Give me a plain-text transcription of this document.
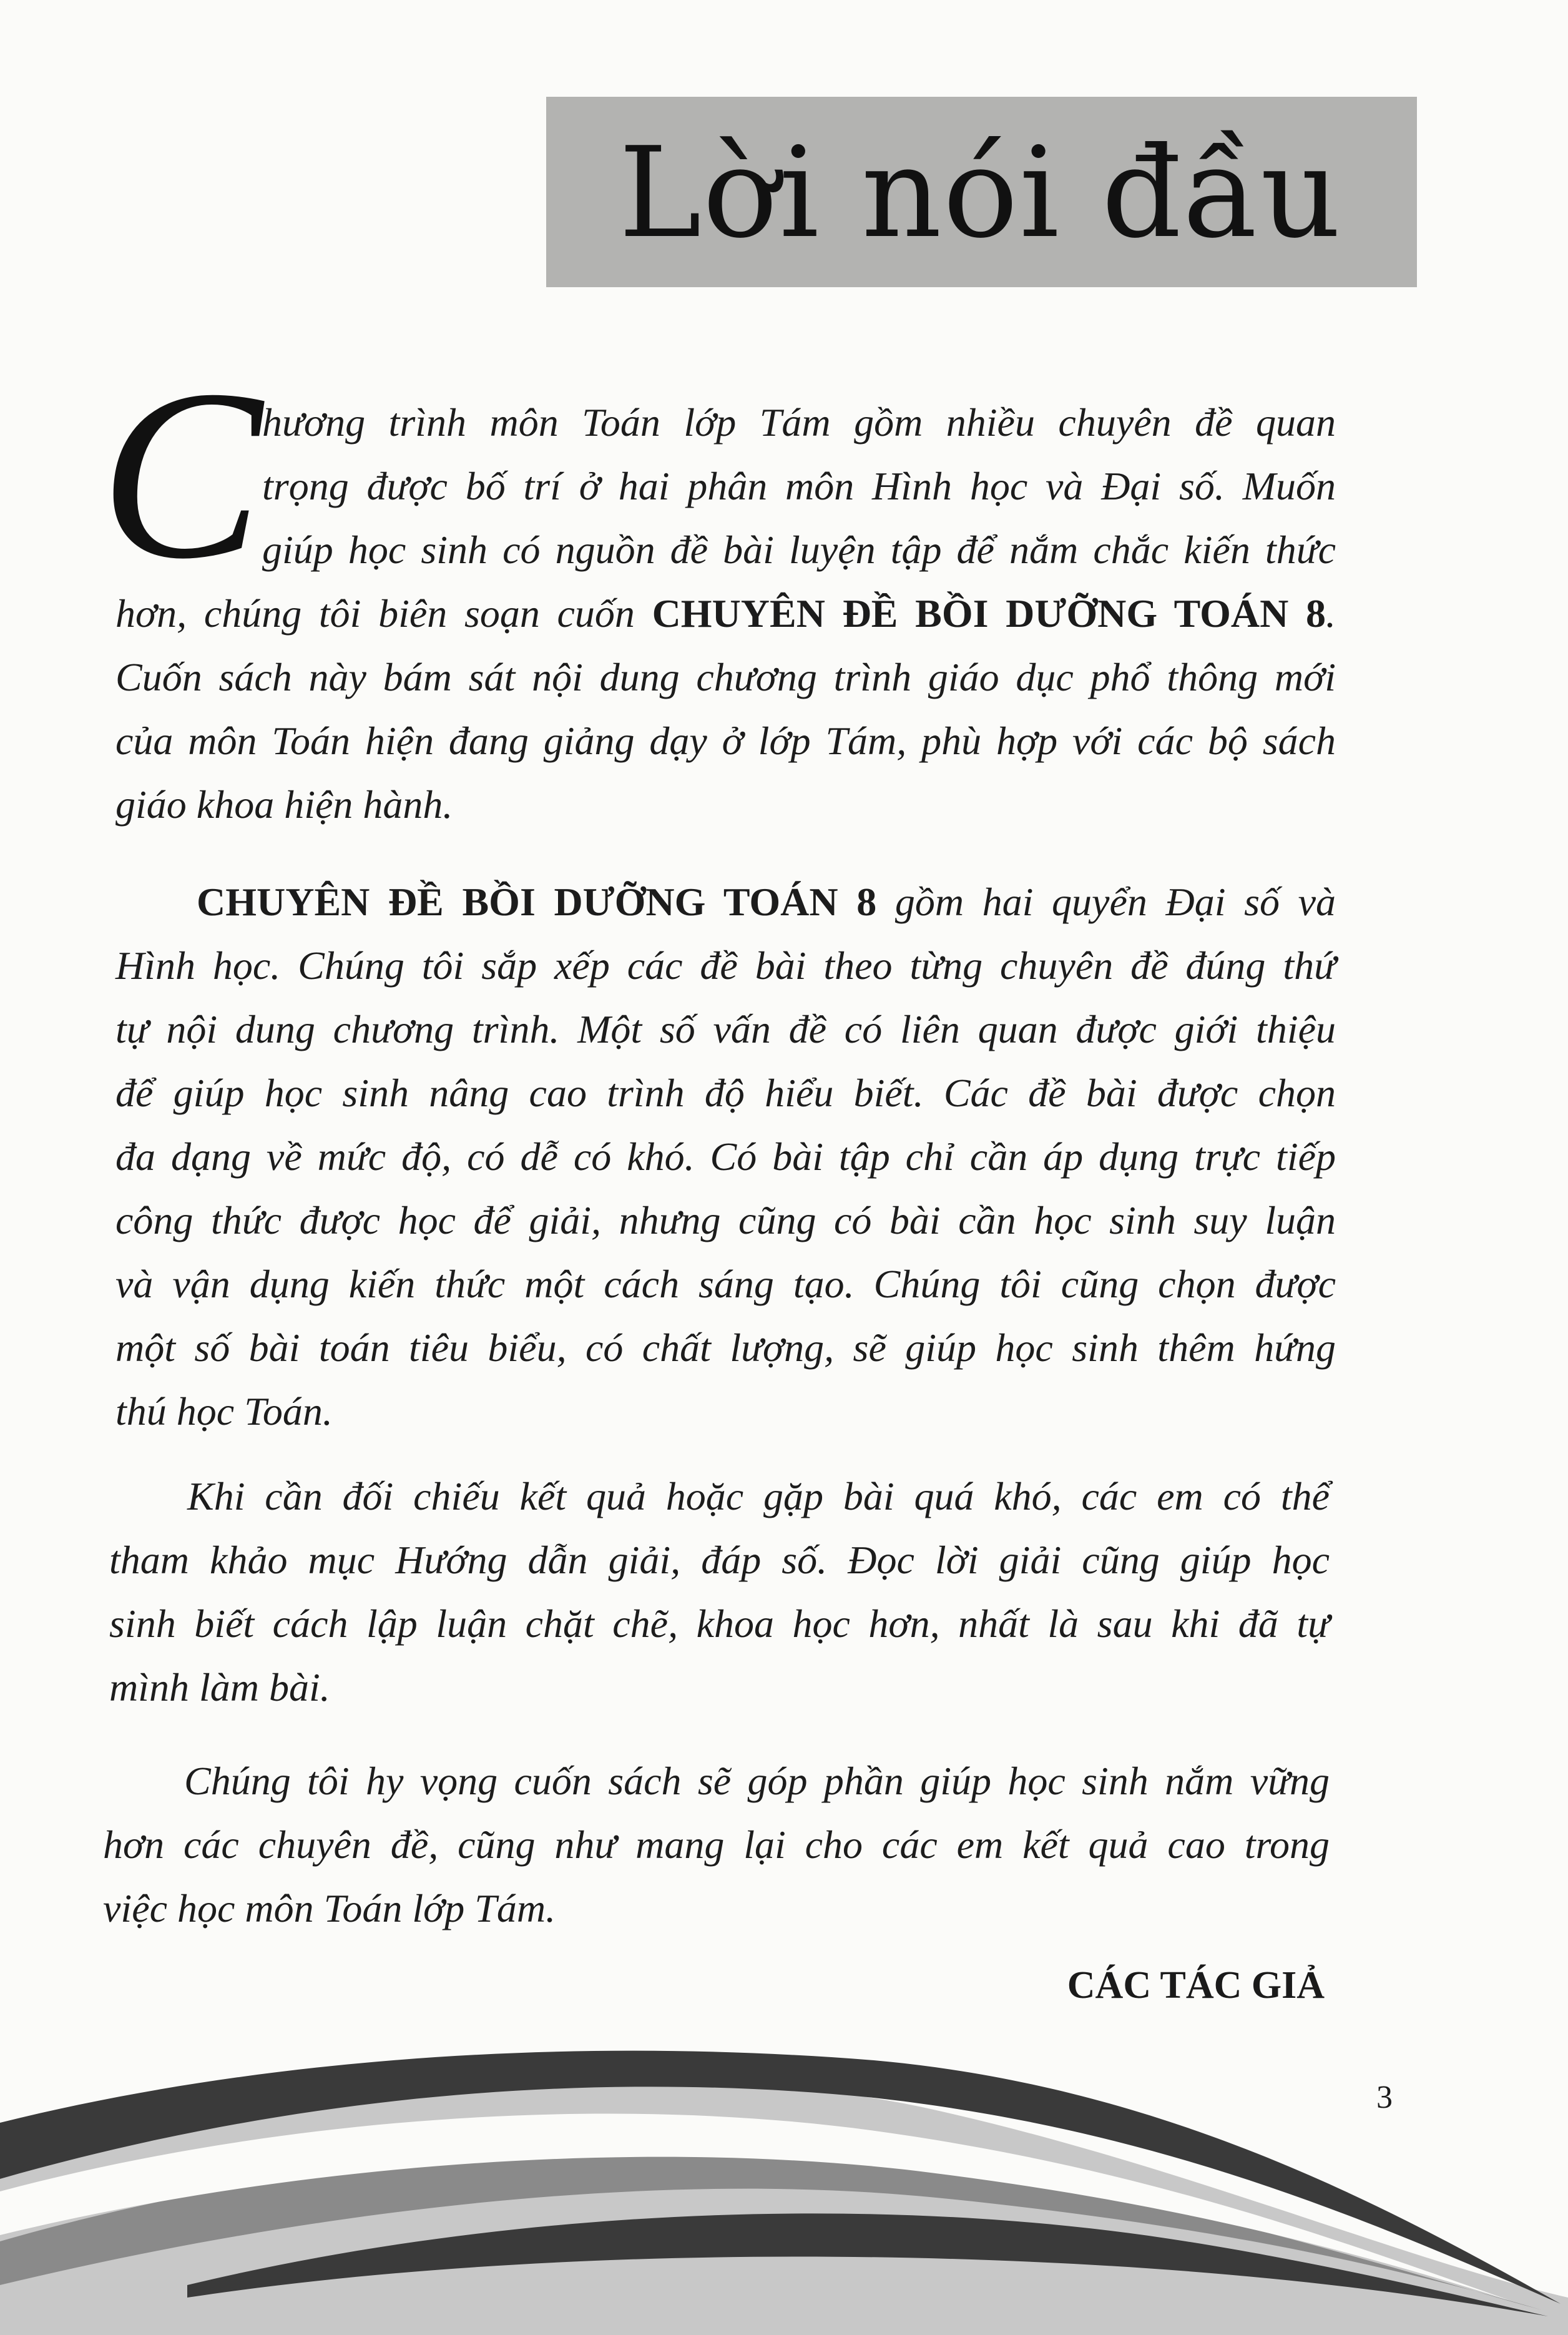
Lời nói đầu
C hương trình môn Toán lớp Tám gồm nhiều chuyên đề quan
trọng được bố trí ở hai phân môn Hình học và Đại số. Muốn
giúp học sinh có nguồn đề bài luyện tập để nắm chắc kiến thức
hơn, chúng tôi biên soạn cuốn CHUYÊN ĐỀ BỒI DƯỠNG TOÁN 8.
Cuốn sách này bám sát nội dung chương trình giáo dục phổ thông mới
của môn Toán hiện đang giảng dạy ở lớp Tám, phù hợp với các bộ sách
giáo khoa hiện hành.
CHUYÊN ĐỀ BỒI DƯỠNG TOÁN 8 gồm hai quyển Đại số và
Hình học. Chúng tôi sắp xếp các đề bài theo từng chuyên đề đúng thứ
tự nội dung chương trình. Một số vấn đề có liên quan được giới thiệu
để giúp học sinh nâng cao trình độ hiểu biết. Các đề bài được chọn
đa dạng về mức độ, có dễ có khó. Có bài tập chỉ cần áp dụng trực tiếp
công thức được học để giải, nhưng cũng có bài cần học sinh suy luận
và vận dụng kiến thức một cách sáng tạo. Chúng tôi cũng chọn được
một số bài toán tiêu biểu, có chất lượng, sẽ giúp học sinh thêm hứng
thú học Toán.
Khi cần đối chiếu kết quả hoặc gặp bài quá khó, các em có thể
tham khảo mục Hướng dẫn giải, đáp số. Đọc lời giải cũng giúp học
sinh biết cách lập luận chặt chẽ, khoa học hơn, nhất là sau khi đã tự
mình làm bài.
Chúng tôi hy vọng cuốn sách sẽ góp phần giúp học sinh nắm vững
hơn các chuyên đề, cũng như mang lại cho các em kết quả cao trong
việc học môn Toán lớp Tám.
CÁC TÁC GIẢ
3
